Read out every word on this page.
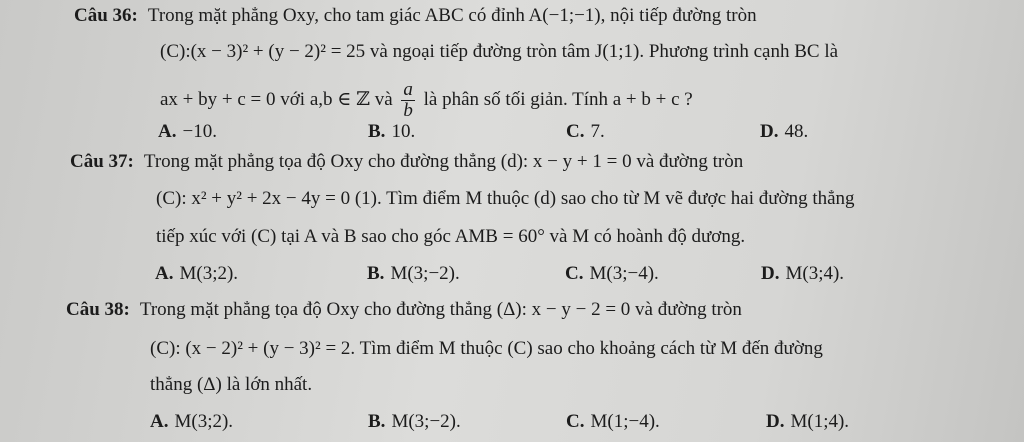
Câu 36: Trong mặt phẳng Oxy, cho tam giác ABC có đỉnh A(−1;−1), nội tiếp đường tròn
(C):(x − 3)² + (y − 2)² = 25 và ngoại tiếp đường tròn tâm J(1;1). Phương trình cạnh BC là
ax + by + c = 0 với a,b ∈ ℤ và $\frac{a}{b}$ là phân số tối giản. Tính a + b + c ?
A. −10.	B. 10.	C. 7.	D. 48.
Câu 37: Trong mặt phẳng tọa độ Oxy cho đường thẳng (d): x − y + 1 = 0 và đường tròn
(C): x² + y² + 2x − 4y = 0 (1). Tìm điểm M thuộc (d) sao cho từ M vẽ được hai đường thẳng
tiếp xúc với (C) tại A và B sao cho góc AMB = 60° và M có hoành độ dương.
A. M(3;2).	B. M(3;−2).	C. M(3;−4).	D. M(3;4).
Câu 38: Trong mặt phẳng tọa độ Oxy cho đường thẳng (Δ): x − y − 2 = 0 và đường tròn
(C): (x − 2)² + (y − 3)² = 2. Tìm điểm M thuộc (C) sao cho khoảng cách từ M đến đường
thẳng (Δ) là lớn nhất.
A. M(3;2).	B. M(3;−2).	C. M(1;−4).	D. M(1;4).
